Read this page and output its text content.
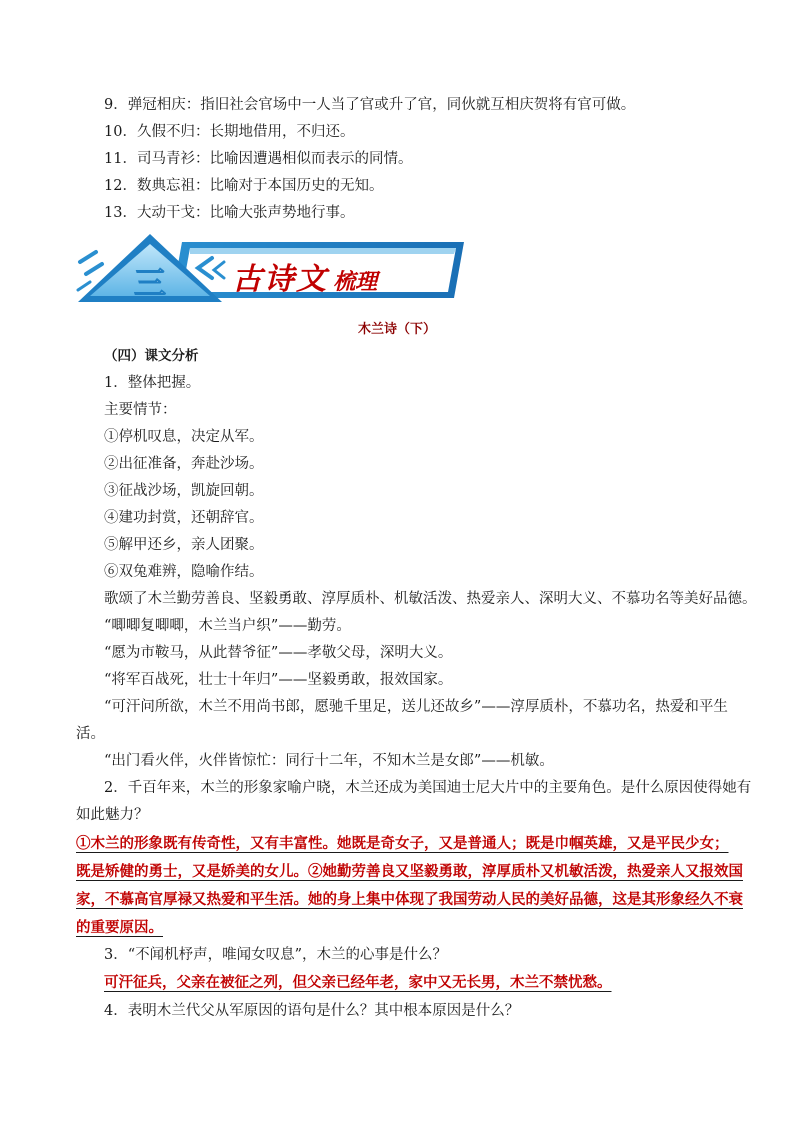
9．弹冠相庆：指旧社会官场中一人当了官或升了官，同伙就互相庆贺将有官可做。
10．久假不归：长期地借用，不归还。
11．司马青衫：比喻因遭遇相似而表示的同情。
12．数典忘祖：比喻对于本国历史的无知。
13．大动干戈：比喻大张声势地行事。
三 古诗文 梳理
木兰诗（下）
（四）课文分析
1．整体把握。
主要情节：
①停机叹息，决定从军。
②出征准备，奔赴沙场。
③征战沙场，凯旋回朝。
④建功封赏，还朝辞官。
⑤解甲还乡，亲人团聚。
⑥双兔难辨，隐喻作结。
歌颂了木兰勤劳善良、坚毅勇敢、淳厚质朴、机敏活泼、热爱亲人、深明大义、不慕功名等美好品德。
“唧唧复唧唧，木兰当户织”——勤劳。
“愿为市鞍马，从此替爷征”——孝敬父母，深明大义。
“将军百战死，壮士十年归”——坚毅勇敢，报效国家。
“可汗问所欲，木兰不用尚书郎，愿驰千里足，送儿还故乡”——淳厚质朴，不慕功名，热爱和平生
活。
“出门看火伴，火伴皆惊忙：同行十二年，不知木兰是女郎”——机敏。
2．千百年来，木兰的形象家喻户晓，木兰还成为美国迪士尼大片中的主要角色。是什么原因使得她有
如此魅力？
①木兰的形象既有传奇性，又有丰富性。她既是奇女子，又是普通人；既是巾帼英雄，又是平民少女；
既是矫健的勇士，又是娇美的女儿。②她勤劳善良又坚毅勇敢，淳厚质朴又机敏活泼，热爱亲人又报效国
家，不慕高官厚禄又热爱和平生活。她的身上集中体现了我国劳动人民的美好品德，这是其形象经久不衰
的重要原因。
3．“不闻机杼声，唯闻女叹息”，木兰的心事是什么？
可汗征兵，父亲在被征之列，但父亲已经年老，家中又无长男，木兰不禁忧愁。
4．表明木兰代父从军原因的语句是什么？其中根本原因是什么？
